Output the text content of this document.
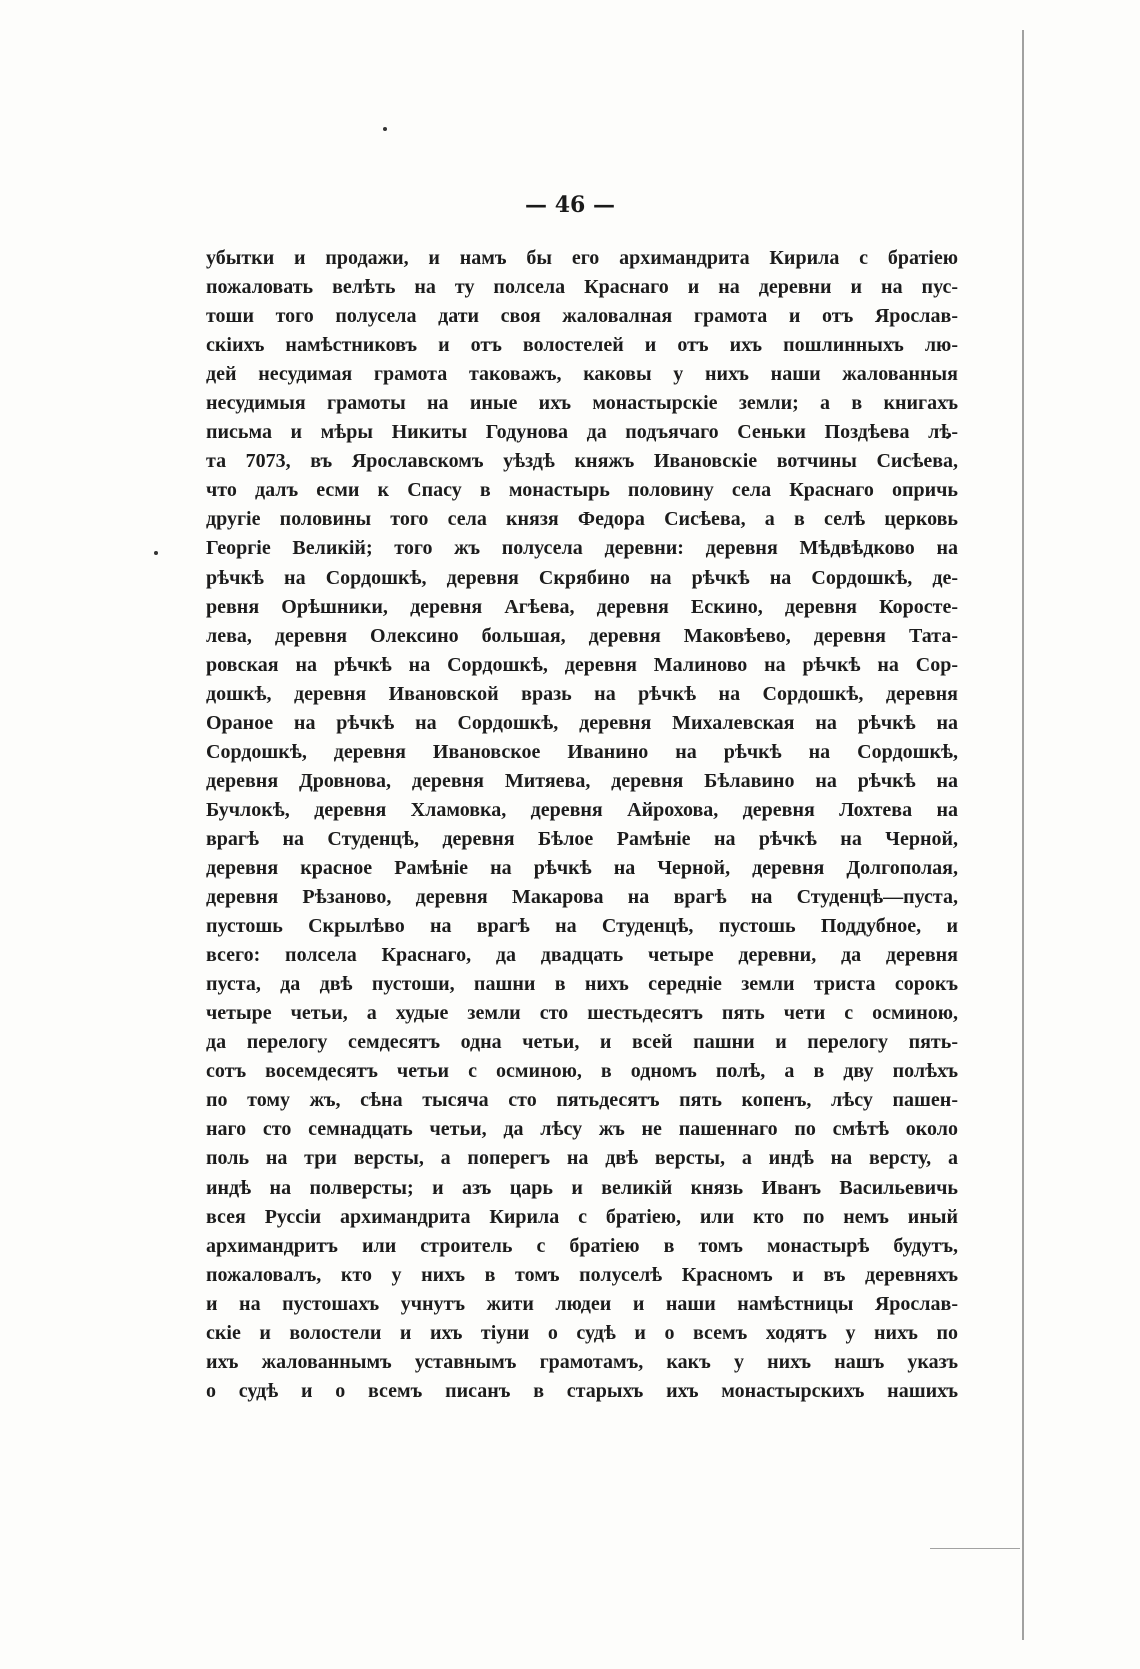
— 46 —
убытки и продажи, и намъ бы его архимандрита Кирила с братіею
пожаловать велѣть на ту полсела Краснаго и на деревни и на пус-
тоши того полусела дати своя жаловалная грамота и отъ Ярослав-
скіихъ намѣстниковъ и отъ волостелей и отъ ихъ пошлинныхъ лю-
дей несудимая грамота таковажъ, каковы у нихъ наши жалованныя
несудимыя грамоты на иные ихъ монастырскіе земли; а в книгахъ
письма и мѣры Никиты Годунова да подъячаго Сеньки Поздѣева лѣ-
та 7073, въ Ярославскомъ уѣздѣ княжъ Ивановскіе вотчины Сисѣева,
что далъ есми к Спасу в монастырь половину села Краснаго опричь
другіе половины того села князя Федора Сисѣева, а в селѣ церковь
Георгіе Великій; того жъ полусела деревни: деревня Мѣдвѣдково на
рѣчкѣ на Сордошкѣ, деревня Скрябино на рѣчкѣ на Сордошкѣ, де-
ревня Орѣшники, деревня Агѣева, деревня Ескино, деревня Коросте-
лева, деревня Олексино большая, деревня Маковѣево, деревня Тата-
ровская на рѣчкѣ на Сордошкѣ, деревня Малиново на рѣчкѣ на Сор-
дошкѣ, деревня Ивановской вразь на рѣчкѣ на Сордошкѣ, деревня
Ораное на рѣчкѣ на Сордошкѣ, деревня Михалевская на рѣчкѣ на
Сордошкѣ, деревня Ивановское Иванино на рѣчкѣ на Сордошкѣ,
деревня Дровнова, деревня Митяева, деревня Бѣлавино на рѣчкѣ на
Бучлокѣ, деревня Хламовка, деревня Айрохова, деревня Лохтева на
врагѣ на Студенцѣ, деревня Бѣлое Рамѣніе на рѣчкѣ на Черной,
деревня красное Рамѣніе на рѣчкѣ на Черной, деревня Долгополая,
деревня Рѣзаново, деревня Макарова на врагѣ на Студенцѣ—пуста,
пустошь Скрылѣво на врагѣ на Студенцѣ, пустошь Поддубное, и
всего: полсела Краснаго, да двадцать четыре деревни, да деревня
пуста, да двѣ пустоши, пашни в нихъ середніе земли триста сорокъ
четыре четьи, а худые земли сто шестьдесятъ пять чети с осминою,
да перелогу семдесятъ одна четьи, и всей пашни и перелогу пять-
сотъ восемдесятъ четьи с осминою, в одномъ полѣ, а в дву полѣхъ
по тому жъ, сѣна тысяча сто пятьдесятъ пять копенъ, лѣсу пашен-
наго сто семнадцать четьи, да лѣсу жъ не пашеннаго по смѣтѣ около
поль на три версты, а поперегъ на двѣ версты, а индѣ на версту, а
индѣ на полверсты; и азъ царь и великій князь Иванъ Васильевичь
всея Руссіи архимандрита Кирила с братіею, или кто по немъ иный
архимандритъ или строитель с братіею в томъ монастырѣ будутъ,
пожаловалъ, кто у нихъ в томъ полуселѣ Красномъ и въ деревняхъ
и на пустошахъ учнутъ жити людеи и наши намѣстницы Ярослав-
скіе и волостели и ихъ тіуни о судѣ и о всемъ ходятъ у нихъ по
ихъ жалованнымъ уставнымъ грамотамъ, какъ у нихъ нашъ указъ
о судѣ и о всемъ писанъ в старыхъ ихъ монастырскихъ нашихъ
